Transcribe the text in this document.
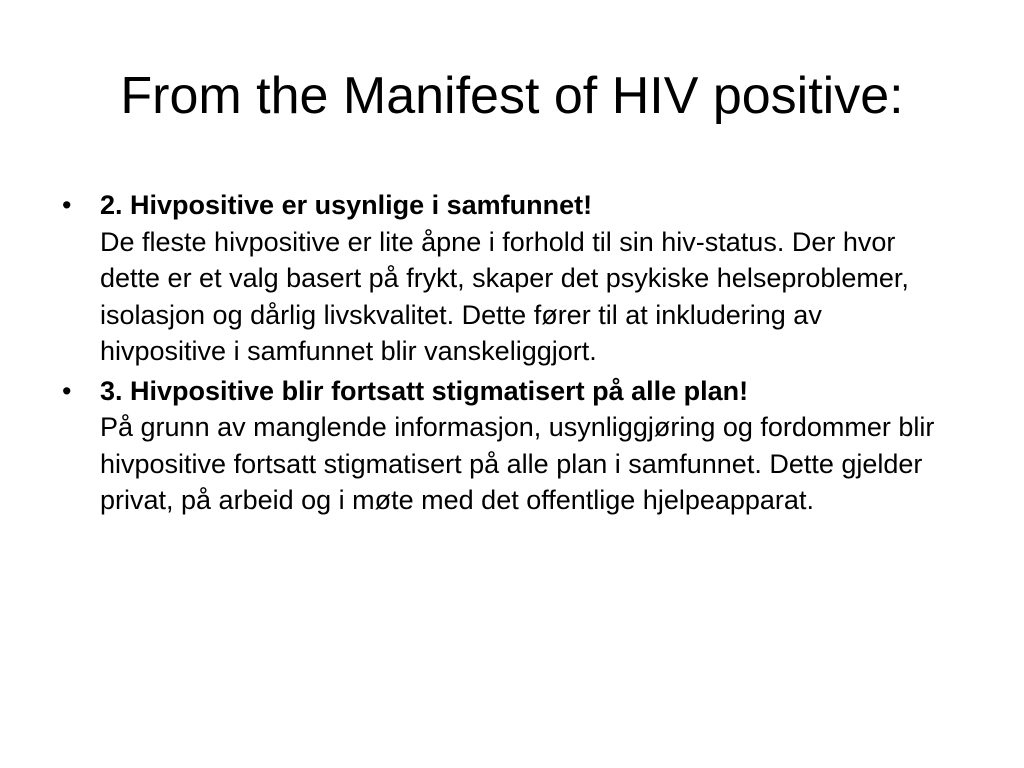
From the Manifest of HIV positive:
•	2. Hivpositive er usynlige i samfunnet!
De fleste hivpositive er lite åpne i forhold til sin hiv-status. Der hvor dette er et valg basert på frykt, skaper det psykiske helseproblemer, isolasjon og dårlig livskvalitet. Dette fører til at inkludering av hivpositive i samfunnet blir vanskeliggjort.
•	3. Hivpositive blir fortsatt stigmatisert på alle plan!
På grunn av manglende informasjon, usynliggjøring og fordommer blir hivpositive fortsatt stigmatisert på alle plan i samfunnet. Dette gjelder privat, på arbeid og i møte med det offentlige hjelpeapparat.
